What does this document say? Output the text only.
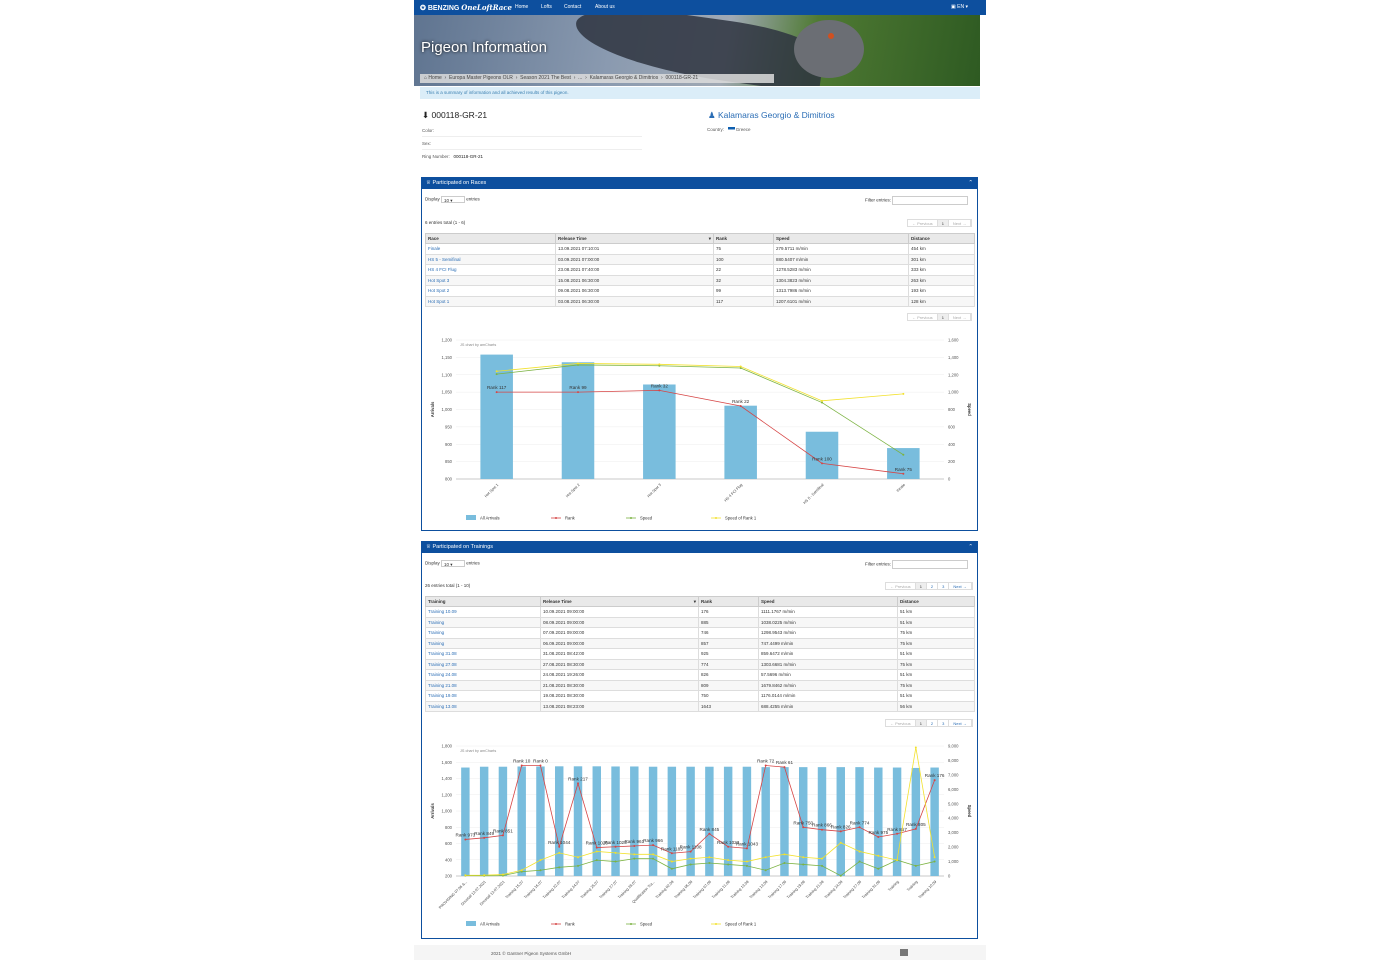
✪ BENZING OneLoftRace Home	Lofts Contact	About us	▣ EN ▾
Pigeon Information
⌂ Home  ›  Europa Master Pigeons OLR  ›  Season 2021 The Best  ›  ...  ›  Kalamaras Georgio & Dimitrios  ›  000118-GR-21
This is a summary of information and all achieved results of this pigeon.
⬇ 000118-GR-21
Color:
Sex:
Ring Number: 000118-GR-21
♟ Kalamaras Georgio & Dimitrios
Country:	Greece
♕ Participated on Races	⌃
Display 10 ▾	entries	Filter entries:
6 entries total (1 - 6)	← Previous	1	Next →
Race	Release Time ▾	Rank	Speed	Distance
Finale	13.09.2021 07:10:01	75	279.5711 m/min	454 km
HS 5 - Semifinal	03.09.2021 07:00:00	100	880.5407 m/min	301 km
HS 4 FCI Flug	23.08.2021 07:40:00	22	1278.5283 m/min	333 km
Hot Spot 3	15.08.2021 06:30:00	32	1304.3823 m/min	263 km
Hot Spot 2	09.08.2021 06:30:00	99	1313.7986 m/min	193 km
Hot Spot 1	03.08.2021 06:30:00	117	1207.6101 m/min	128 km
← Previous	1	Next →
800
850
900
950
1,000
1,050
1,100
1,150
1,200
0
200
400
600
800
1,000
1,200
1,400
1,600
JS chart by amCharts
Arrivals	Speed
Hot Spot 1	Hot Spot 2	Hot Spot 3	HS 4 FCI Flug	HS 5 - Semifinal	Finale
Rank 117	Rank 99	Rank 32
Rank 22
Rank 100
Rank 75
All Arrivals	Rank	Speed	Speed of Rank 1
♕ Participated on Trainings	⌃
Display 10 ▾	entries	Filter entries:
26 entries total (1 - 10)	← Previous	1	2	3	Next →
Training	Release Time ▾	Rank	Speed	Distance
Training 10.09	10.09.2021 09:00:00	176	1111.1767 m/min	51 km
Training	08.09.2021 09:00:00	885	1038.0225 m/min	51 km
Training	07.09.2021 09:00:00	746	1298.9543 m/min	75 km
Training	06.09.2021 09:00:00	857	747.4499 m/min	75 km
Training 31.08	31.08.2021 08:42:00	925	859.6472 m/min	51 km
Training 27.08	27.08.2021 08:30:00	774	1303.6681 m/min	75 km
Training 24.08	24.08.2021 19:26:00	826	57.5696 m/min	51 km
Training 21.08	21.08.2021 08:30:00	809	1679.8462 m/min	75 km
Training 19.08	19.08.2021 08:30:00	750	1176.0144 m/min	51 km
Training 13.08	13.08.2021 08:23:00	1643	688.4255 m/min	56 km
← Previous	1	2	3	Next →
200
400
600
800
1,000
1,200
1,400
1,600
1,800
0
1,000
2,000
3,000
4,000
5,000
6,000
7,000
8,000
9,000
JS chart by amCharts
Arrivals	Speed
PROVIDING 07.06 &...
Dovetail 13.07.2021
Dovetail 13.07.2021 Training 15.07 Training 16.07 Training 22.07 Training 24.07 Training 25.07 Training 27.07 Training 28.07
Qualification Tra... Training 02.08 Training 05.08 Training 07.08 Training 11.08 Training 13.08 Training 13.08 Training 17.08 Training 19.08 Training 21.08 Training 24.08 Training 27.08 Training 31.08 Training Training Training 10.09
Rank 973 Rank 849 Rank 851
Rank 10 Rank 0
Rank 1044
Rank 217
Rank 1020
Rank 1025
Rank 961 Rank 966
Rank 1183
Rank 1108
Rank 845
Rank 1023
Rank 1043
Rank 72 Rank 61
Rank 750 Rank 866 Rank 826
Rank 774
Rank 975
Rank 857
Rank 805
Rank 176
All Arrivals	Rank	Speed	Speed of Rank 1
2021 © Gantner Pigeon Systems GmbH
